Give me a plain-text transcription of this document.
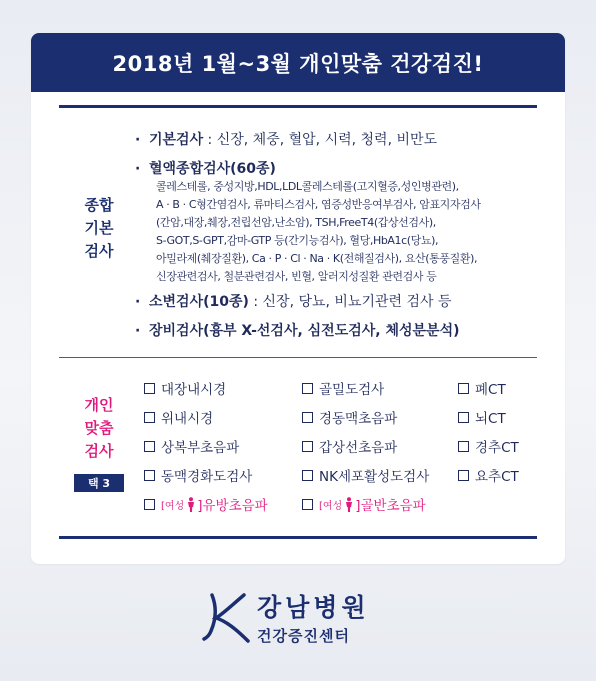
2018년 1월~3월 개인맞춤 건강검진!
종합
기본
검사
· 기본검사 : 신장, 체중, 혈압, 시력, 청력, 비만도
· 혈액종합검사(60종)
콜레스테롤, 중성지방,HDL,LDL콜레스테롤(고지혈증,성인병관련),
A · B · C형간염검사, 류마티스검사, 염증성반응여부검사, 암표지자검사
(간암,대장,췌장,전립선암,난소암), TSH,FreeT4(갑상선검사),
S-GOT,S-GPT,감마-GTP 등(간기능검사), 혈당,HbA1c(당뇨),
아밀라제(췌장질환), Ca · P · Cl · Na · K(전해질검사), 요산(통풍질환),
신장관련검사, 철분관련검사, 빈혈, 알러지성질환 관련검사 등
· 소변검사(10종) : 신장, 당뇨, 비뇨기관련 검사 등
· 장비검사(흉부 X-선검사, 심전도검사, 체성분분석)
개인
맞춤
검사
택 3
대장내시경
위내시경
상복부초음파
동맥경화도검사
[여성 ]유방초음파
골밀도검사
경동맥초음파
갑상선초음파
NK세포활성도검사
[여성 ]골반초음파
폐CT
뇌CT
경추CT
요추CT
강남병원
건강증진센터
